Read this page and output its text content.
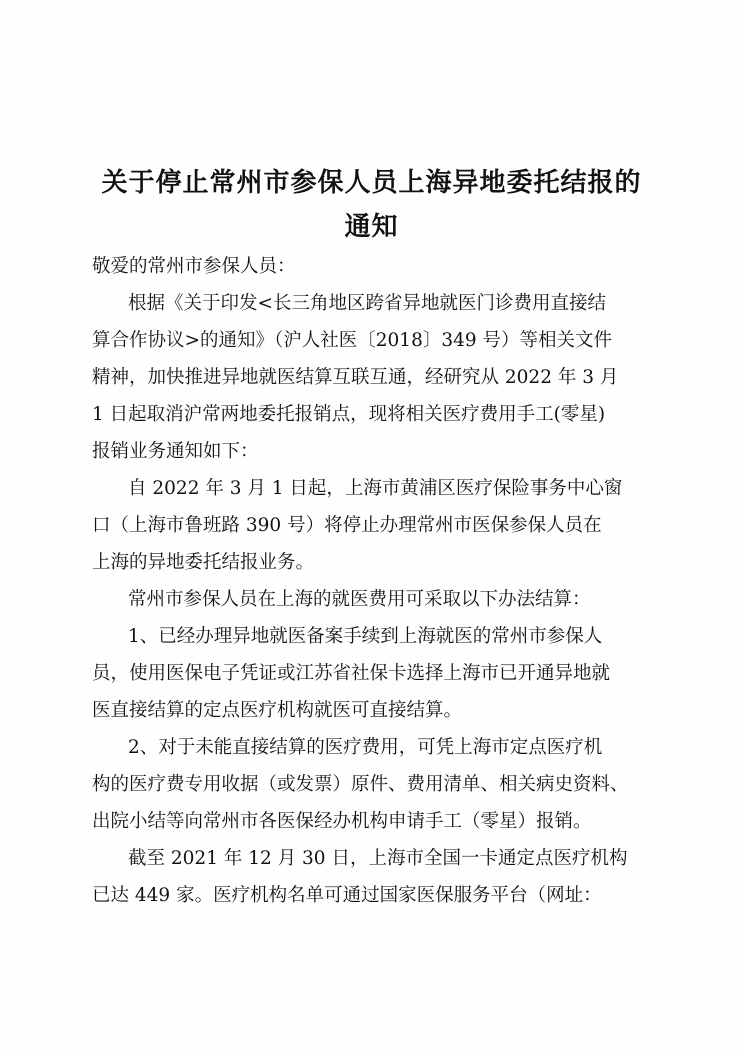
关于停止常州市参保人员上海异地委托结报的
通知

敬爱的常州市参保人员：

根据《关于印发<长三角地区跨省异地就医门诊费用直接结

算合作协议>的通知》（沪人社医〔2018〕349 号）等相关文件

精神，加快推进异地就医结算互联互通，经研究从 2022 年 3 月

1 日起取消沪常两地委托报销点，现将相关医疗费用手工(零星)

报销业务通知如下：

自 2022 年 3 月 1 日起，上海市黄浦区医疗保险事务中心窗

口（上海市鲁班路 390 号）将停止办理常州市医保参保人员在

上海的异地委托结报业务。

常州市参保人员在上海的就医费用可采取以下办法结算：

1、已经办理异地就医备案手续到上海就医的常州市参保人

员，使用医保电子凭证或江苏省社保卡选择上海市已开通异地就

医直接结算的定点医疗机构就医可直接结算。

2、对于未能直接结算的医疗费用，可凭上海市定点医疗机

构的医疗费专用收据（或发票）原件、费用清单、相关病史资料、

出院小结等向常州市各医保经办机构申请手工（零星）报销。

截至 2021 年 12 月 30 日，上海市全国一卡通定点医疗机构

已达 449 家。医疗机构名单可通过国家医保服务平台（网址：
